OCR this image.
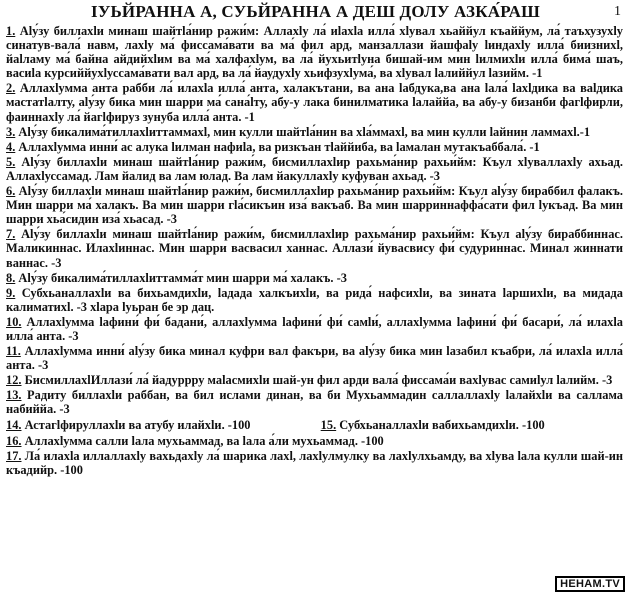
IУЬЙРАННА А, СУЬЙРАННА А ДЕШ ДОЛУ АЗКА́РАШ	1
1. Аlу́зу биллахlи минаш шайтlа́нир ражи́м: Аллахlу ла́ иlахlа илла́ хlувал хьаййул къаййум, ла́ таъхузухlу синатув-вала́ навм, лахlу ма́ фиссама́вати ва ма́ фил ард, манзаллази йашфаlу lиндахlу илла́ биизнихl, йаlламу ма́ байна айдийхlим ва ма́ халфахlум, ва ла́ йухьитlуна бишай-им мин lилмихlи илла́ бима́ шаъ, васиlа курсиййухlуссама́вати вал ард, ва ла́ йаудухlу хьифзухlума́, ва хlувал lалиййул lазийм. -1
2. Аллахlумма анта рабби ла́ илахlа илла́ анта, халакътани, ва ана lабдука,ва ана lала́ lахlдика ва ваlдика мастатlалту, аlу́зу бика мин шарри ма́ сана́lту, абу-у лака бинилматика lалаййа, ва абу-у бизанби фагlфирли, фаиннахlу ла́ йагlфируз зунуба илла́ анта. -1
3. Аlу́зу бикалима́тиллахlиттаммахl, мин кулли шайтlа́нин ва хlа́ммахl, ва мин кулли lайнин ламмахl.-1
4. Аллахlумма инни́ ас алука lилман нафиlа, ва ризкъан тlаййиба, ва lамалан мутакъаббала́. -1
5. Аlу́зу биллахlи минаш шайтlа́нир ражи́м, бисмиллахlир рахьма́нир рахьи́йм: Къул хlуваллахlу ахьад. Аллахlуссамад. Лам йалид ва лам юлад. Ва лам йакуллахlу куфуван ахьад. -3
6. Аlу́зу биллахlи минаш шайтlа́нир ражи́м, бисмиллахlир рахьма́нир рахьи́йм: Къул аlу́зу бираббил фалакъ. Мин шарри ма́ халакъ. Ва мин шарри гlа́сикъин иза́ вакъаб. Ва мин шарриннаффа́сати фил lукъад. Ва мин шарри хьа́сидин иза́ хьасад. -3
7. Аlу́зу биллахlи минаш шайтlа́нир ражи́м, бисмиллахlир рахьма́нир рахьи́йм: Къул аlу́зу бираббиннас. Маликиннас. Илахlиннас. Мин шарри васвасил ханнас. Аллази́ йувасвису фи́ судуриннас. Минал жиннати ваннас. -3
8. Аlу́зу бикалима́тиллахlиттамма́т мин шарри ма́ халакъ. -3
9. Субхьаналлахlи ва бихьамдихlи, lадада халкъихlи, ва рида́ нафсихlи, ва зината lаршихlи, ва мидада калиматихl. -3 хlара lуьран бе эр дац.
10. Аллахlумма lафини́ фи́ бадани́, аллахlумма lафини́ фи́ самlи́, аллахlумма lафини́ фи́ басари́, ла́ илахlа илла́ анта. -3
11. Аллахlумма инни́ аlу́зу бика минал куфри вал факъри, ва аlу́зу бика мин lазабил къабри, ла́ илахlа илла́ анта. -3
12. БисмиллахlИллази́ ла́ йадуррру маlасмихlи шай-ун фил арди вала́ фиссама́и вахlувас самиlул lалийм. -3
13. Радиту биллахlи раббан, ва бил ислами динан, ва би Мухьаммадин саллаллахlу lалайхlи ва саллама набиййа. -3
14. Астагlфируллахlи ва атубу илайхlи. -100	15. Субхьаналлахlи вабихьамдихlи. -100
16. Аллахlумма салли lала мухьаммад, ва lала а́ли мухьаммад. -100
17. Ла́ илахlа иллаллахlу вахьдахlу ла́ шарика лахl, лахlулмулку ва лахlулхьамду, ва хlува lала кулли шай-ин къадийр. -100
НЕНАМ.TV
